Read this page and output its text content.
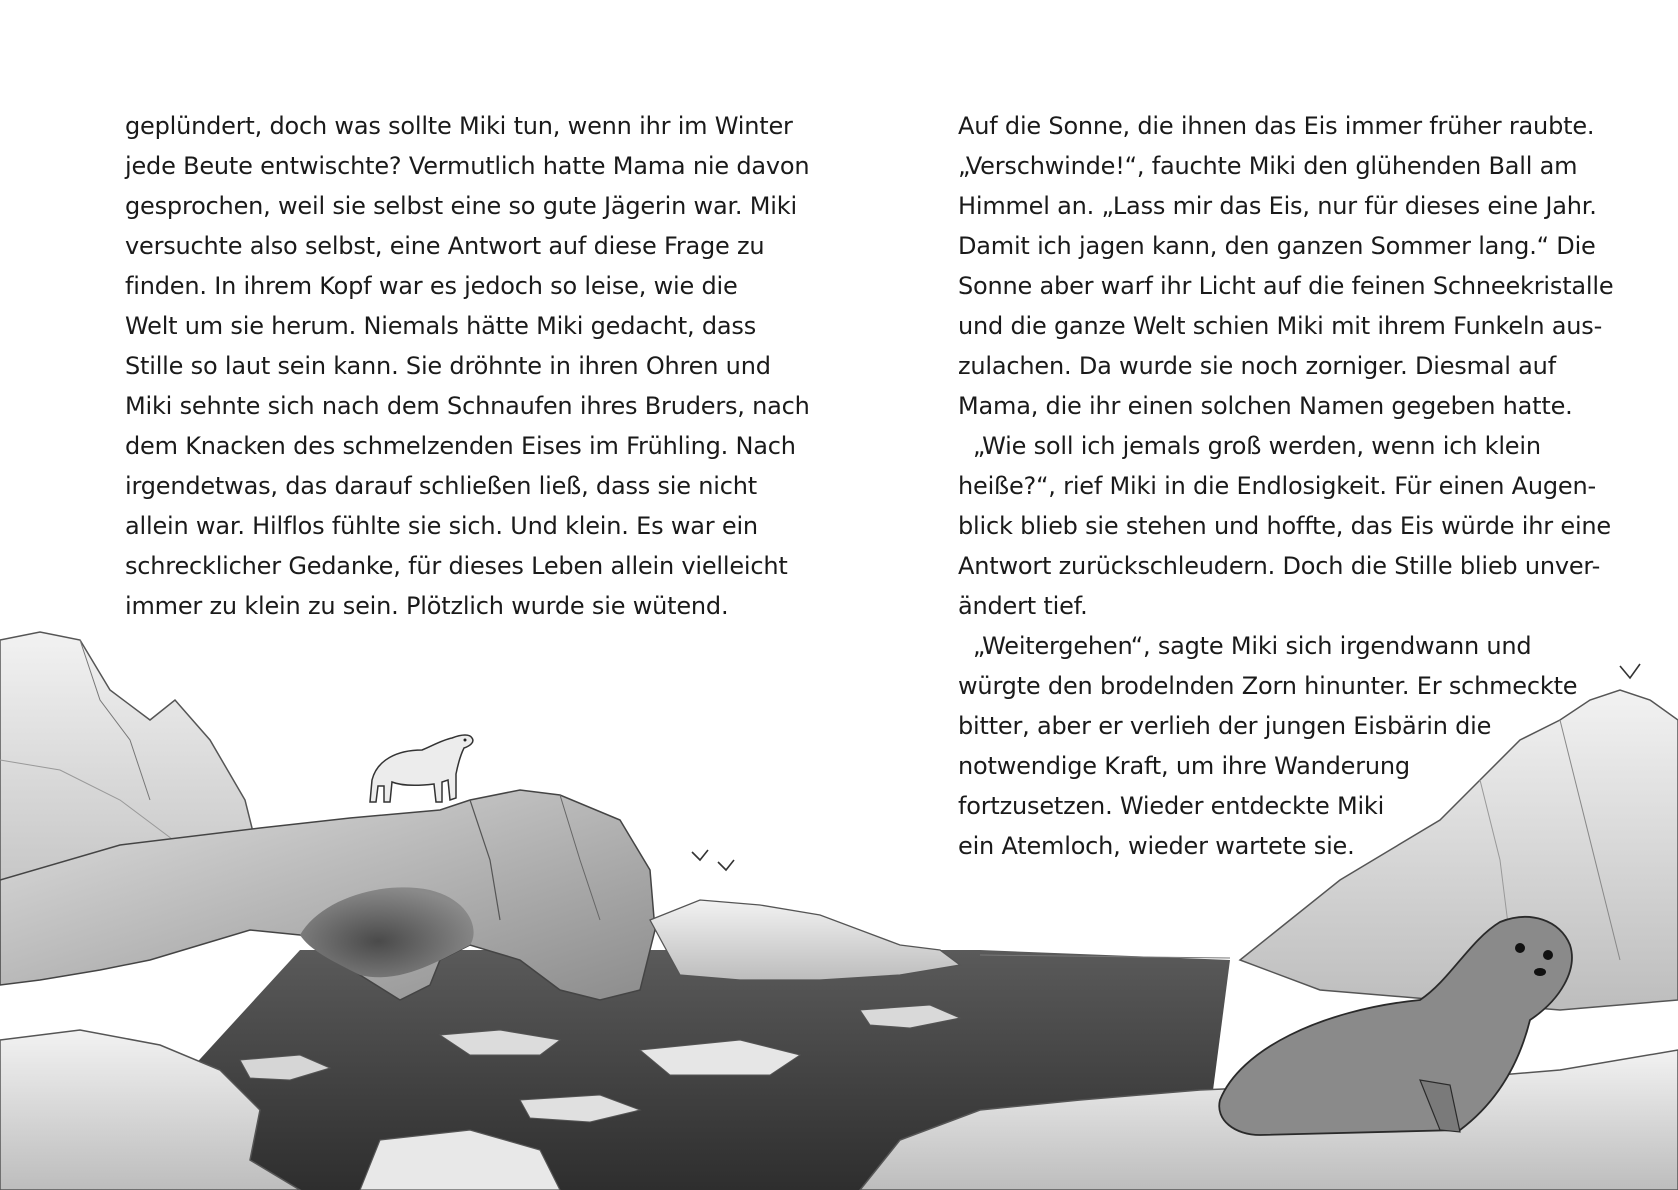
geplündert, doch was sollte Miki tun, wenn ihr im Winter
jede Beute entwischte? Vermutlich hatte Mama nie davon
gesprochen, weil sie selbst eine so gute Jägerin war. Miki
versuchte also selbst, eine Antwort auf diese Frage zu
finden. In ihrem Kopf war es jedoch so leise, wie die
Welt um sie herum. Niemals hätte Miki gedacht, dass
Stille so laut sein kann. Sie dröhnte in ihren Ohren und
Miki sehnte sich nach dem Schnaufen ihres Bruders, nach
dem Knacken des schmelzenden Eises im Frühling. Nach
irgendetwas, das darauf schließen ließ, dass sie nicht
allein war. Hilflos fühlte sie sich. Und klein. Es war ein
schrecklicher Gedanke, für dieses Leben allein vielleicht
immer zu klein zu sein. Plötzlich wurde sie wütend.
Auf die Sonne, die ihnen das Eis immer früher raubte.
„Verschwinde!“, fauchte Miki den glühenden Ball am
Himmel an. „Lass mir das Eis, nur für dieses eine Jahr.
Damit ich jagen kann, den ganzen Sommer lang.“ Die
Sonne aber warf ihr Licht auf die feinen Schneekristalle
und die ganze Welt schien Miki mit ihrem Funkeln aus-
zulachen. Da wurde sie noch zorniger. Diesmal auf
Mama, die ihr einen solchen Namen gegeben hatte.
„Wie soll ich jemals groß werden, wenn ich klein
heiße?“, rief Miki in die Endlosigkeit. Für einen Augen-
blick blieb sie stehen und hoffte, das Eis würde ihr eine
Antwort zurückschleudern. Doch die Stille blieb unver-
ändert tief.
„Weitergehen“, sagte Miki sich irgendwann und
würgte den brodelnden Zorn hinunter. Er schmeckte
bitter, aber er verlieh der jungen Eisbärin die
notwendige Kraft, um ihre Wanderung
fortzusetzen. Wieder entdeckte Miki
ein Atemloch, wieder wartete sie.
